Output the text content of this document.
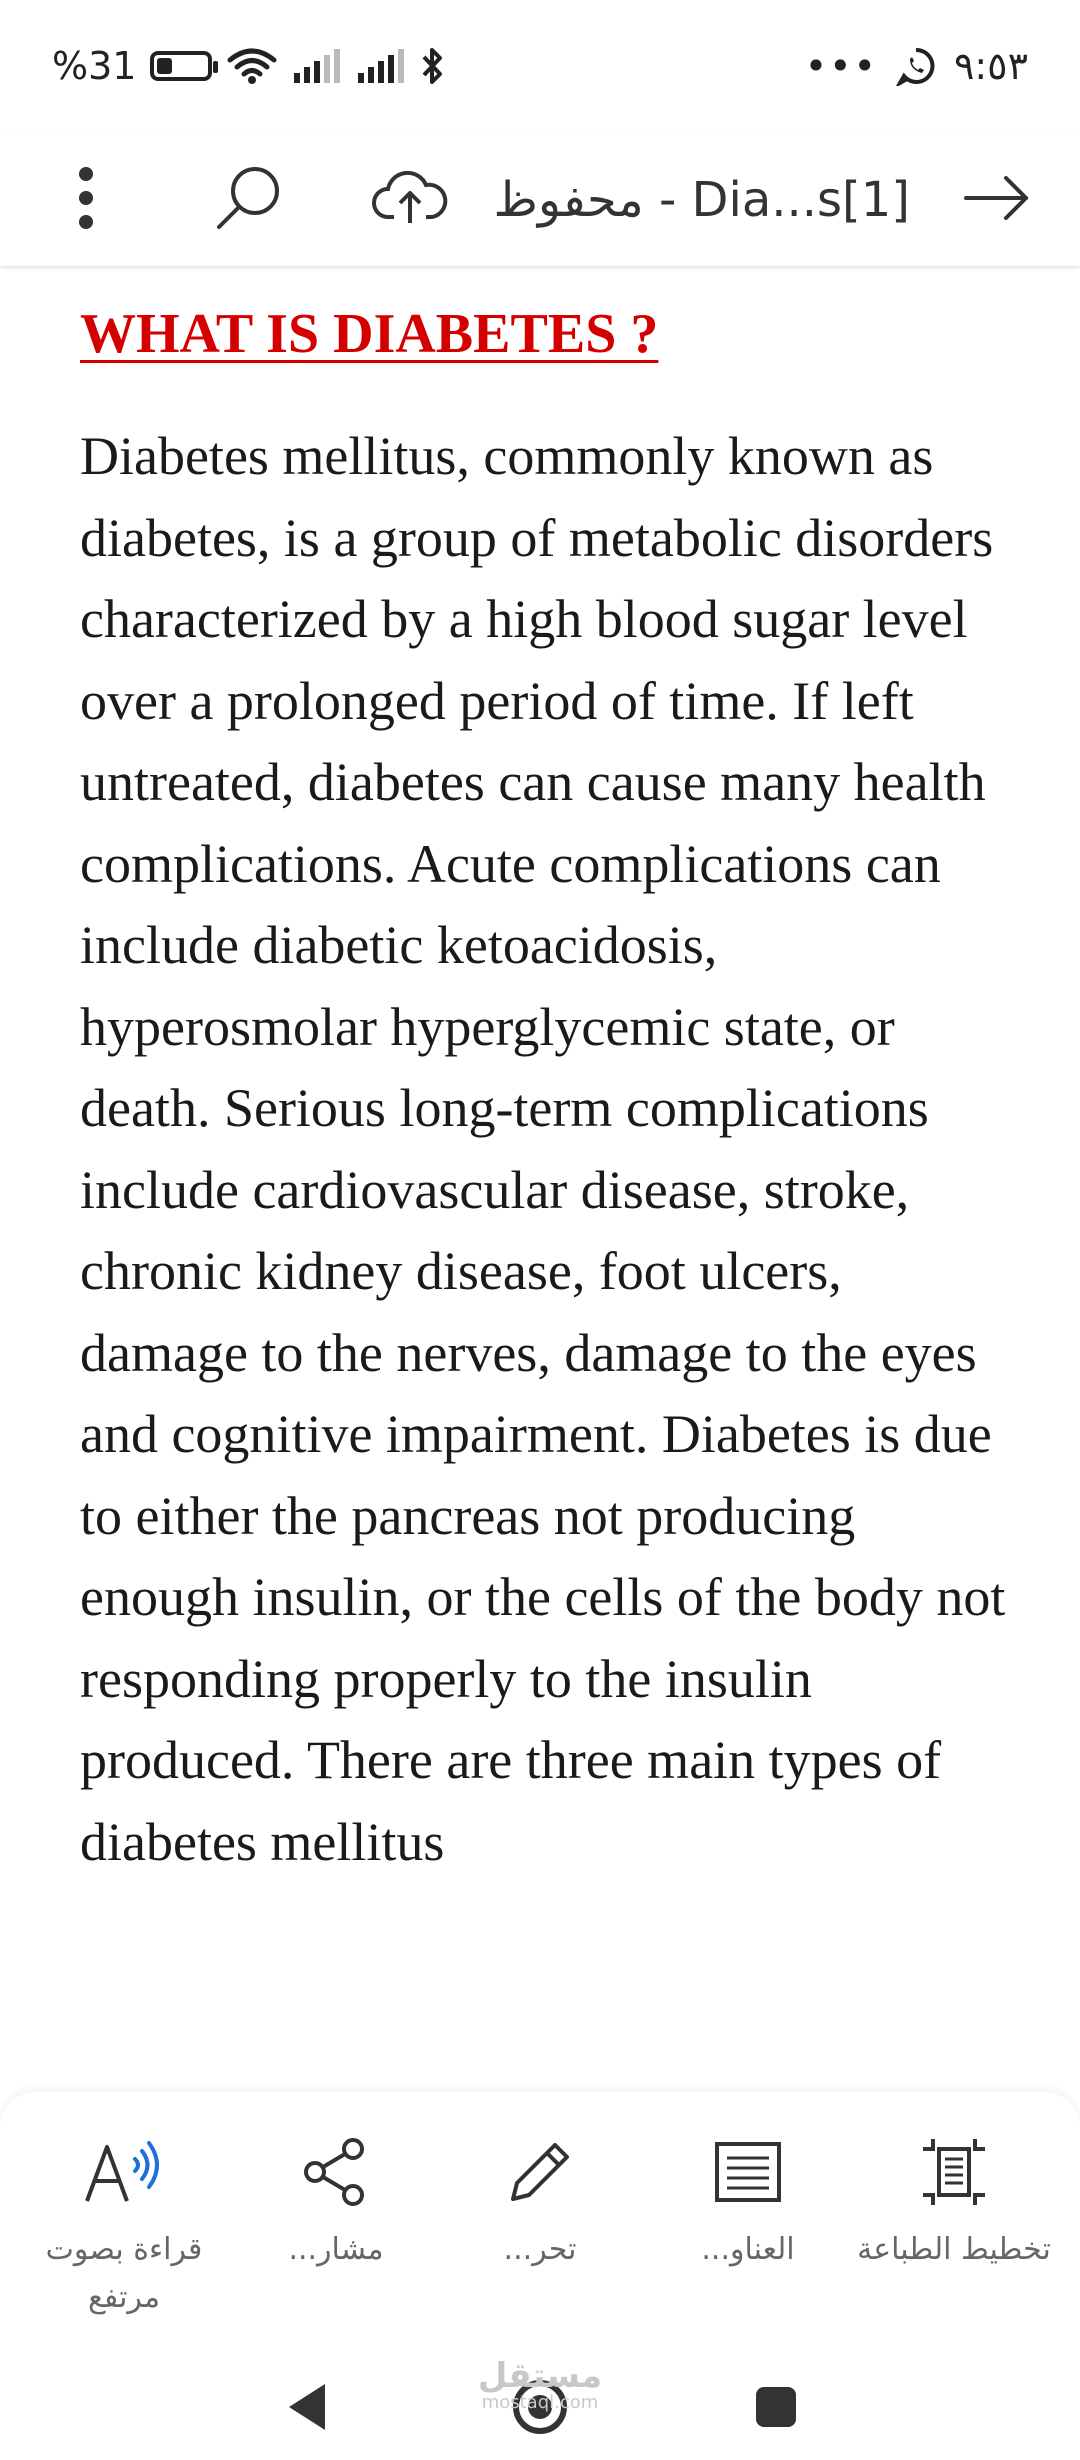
%31	••• ٩:٥٣
Dia...s[1] - محفوظ
WHAT IS DIABETES ?

Diabetes mellitus, commonly known as diabetes, is a group of metabolic disorders characterized by a high blood sugar level over a prolonged period of time. If left untreated, diabetes can cause many health complications. Acute complications can include diabetic ketoacidosis, hyperosmolar hyperglycemic state, or death. Serious long-term complications include cardiovascular disease, stroke, chronic kidney disease, foot ulcers, damage to the nerves, damage to the eyes and cognitive impairment. Diabetes is due to either the pancreas not producing enough insulin, or the cells of the body not responding properly to the insulin produced. There are three main types of diabetes mellitus

قراءة بصوت مرتفع
مشار...	تحر...	العناو...	تخطيط الطباعة
مستقل
mostaql.com
